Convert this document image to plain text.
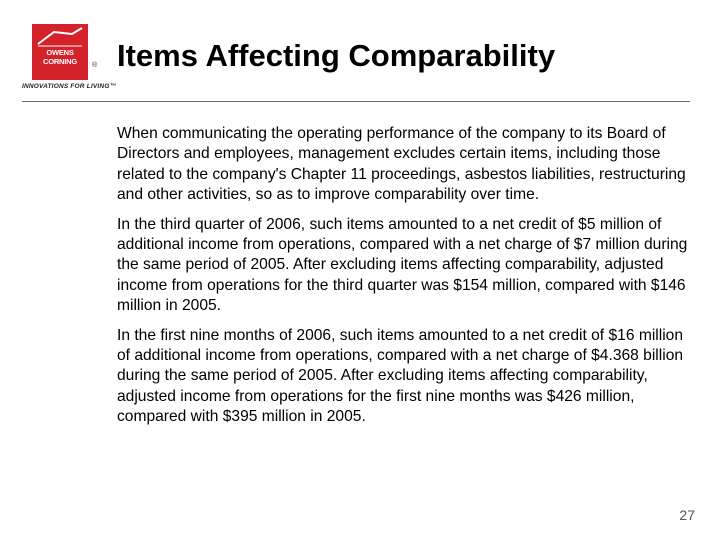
OWENS CORNING	®
INNOVATIONS FOR LIVING™
Items Affecting Comparability

When communicating the operating performance of the company to its Board of Directors and employees, management excludes certain items, including those related to the company's Chapter 11 proceedings, asbestos liabilities, restructuring and other activities, so as to improve comparability over time.

In the third quarter of 2006, such items amounted to a net credit of $5 million of additional income from operations, compared with a net charge of $7 million during the same period of 2005. After excluding items affecting comparability, adjusted income from operations for the third quarter was $154 million, compared with $146 million in 2005.

In the first nine months of 2006, such items amounted to a net credit of $16 million of additional income from operations, compared with a net charge of $4.368 billion during the same period of 2005. After excluding items affecting comparability, adjusted income from operations for the first nine months was $426 million, compared with $395 million in 2005.

27
